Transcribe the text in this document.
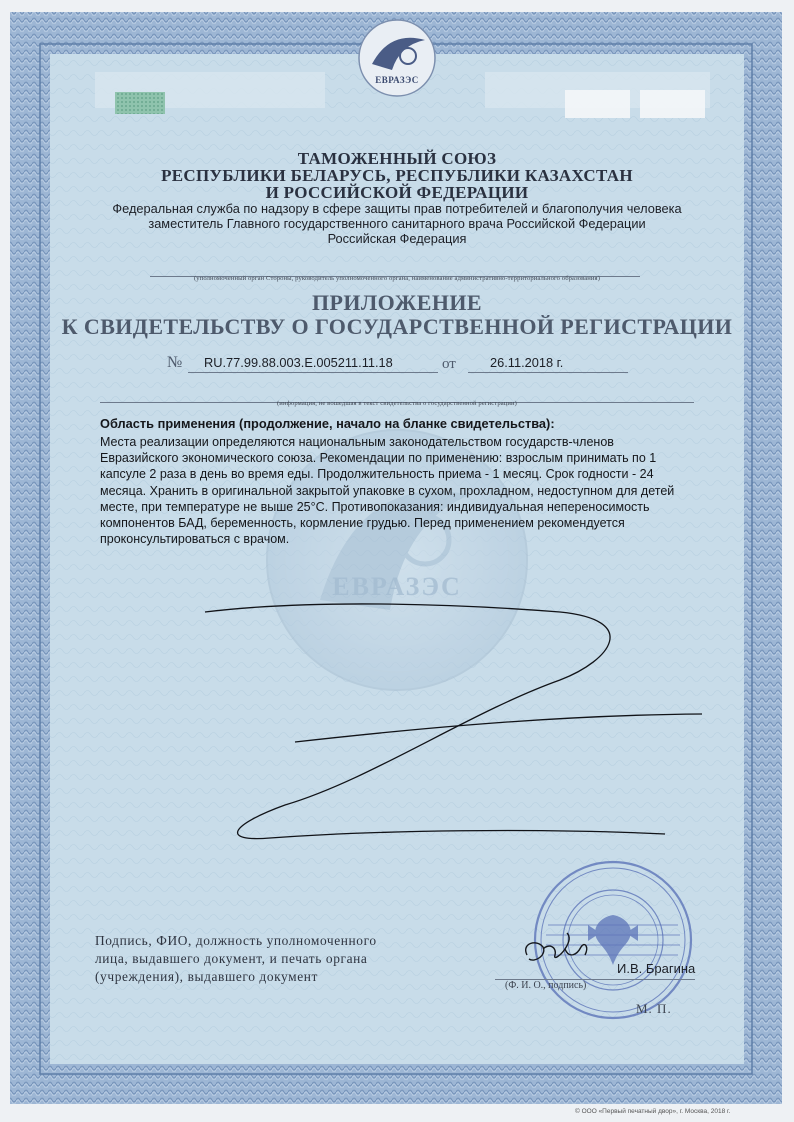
ЕВРАЗЭС
ТАМОЖЕННЫЙ СОЮЗ
РЕСПУБЛИКИ БЕЛАРУСЬ, РЕСПУБЛИКИ КАЗАХСТАН
И РОССИЙСКОЙ ФЕДЕРАЦИИ
Федеральная служба по надзору в сфере защиты прав потребителей и благополучия человека
заместитель Главного государственного санитарного врача Российской Федерации
Российская Федерация
(уполномоченный орган Стороны, руководитель уполномоченного органа, наименование административно-территориального образования)
ПРИЛОЖЕНИЕ
К СВИДЕТЕЛЬСТВУ О ГОСУДАРСТВЕННОЙ РЕГИСТРАЦИИ
№ RU.77.99.88.003.E.005211.11.18	от	26.11.2018 г.
(информация, не вошедшая в текст свидетельства о государственной регистрации)
Область применения (продолжение, начало на бланке свидетельства):
Места реализации определяются национальным законодательством государств-членов
Евразийского экономического союза. Рекомендации по применению: взрослым принимать по 1
капсуле 2 раза в день во время еды. Продолжительность приема - 1 месяц. Срок годности - 24
месяца. Хранить в оригинальной закрытой упаковке в сухом, прохладном, недоступном для детей
месте, при температуре не выше 25°С. Противопоказания: индивидуальная непереносимость
компонентов БАД, беременность, кормление грудью. Перед применением рекомендуется
проконсультироваться с врачом.
ЕВРАЗЭС
Подпись, ФИО, должность уполномоченного
лица, выдавшего документ, и печать органа
(учреждения), выдавшего документ
И.В. Брагина
(Ф. И. О., подпись)
М. П.
© ООО «Первый печатный двор», г. Москва, 2018 г.
